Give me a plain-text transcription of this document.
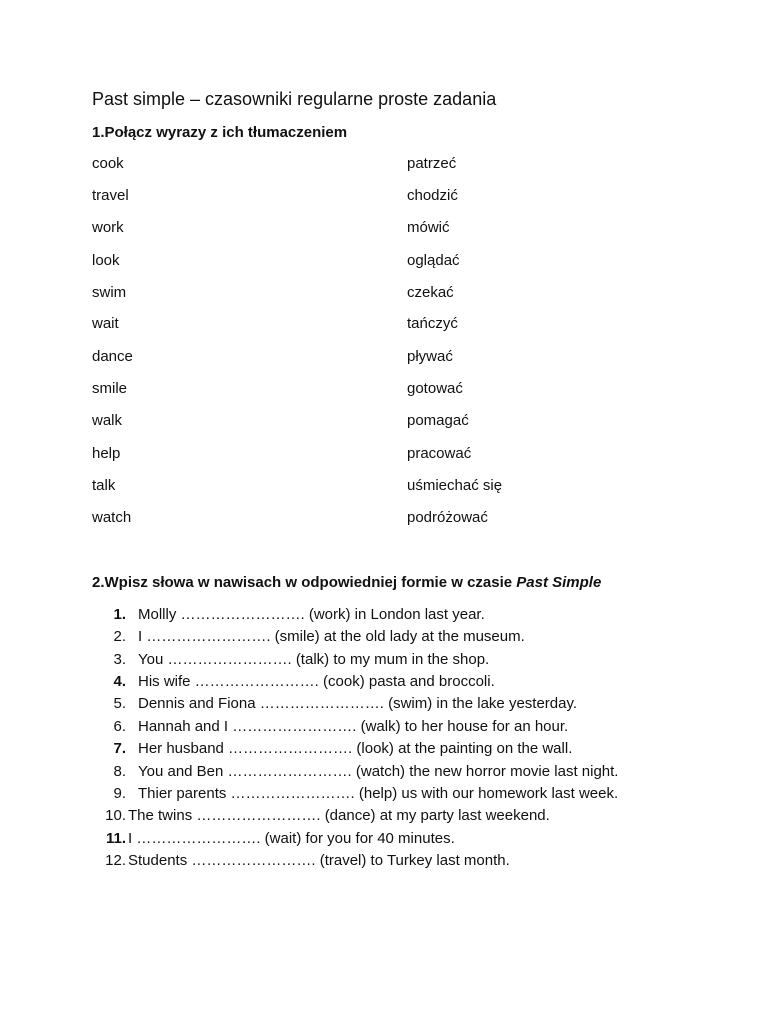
Past simple – czasowniki regularne proste zadania
1.Połącz wyrazy z ich tłumaczeniem
cook	patrzeć
travel	chodzić
work	mówić
look	oglądać
swim	czekać
wait	tańczyć
dance	pływać
smile	gotować
walk	pomagać
help	pracować
talk	uśmiechać się
watch	podróżować
2.Wpisz słowa w nawisach w odpowiedniej formie w czasie Past Simple
1. Mollly ……………………. (work) in London last year.
2. I ……………………. (smile) at the old lady at the museum.
3. You ……………………. (talk) to my mum in the shop.
4. His wife ……………………. (cook) pasta and broccoli.
5. Dennis and Fiona ……………………. (swim) in the lake yesterday.
6. Hannah and I ……………………. (walk) to her house for an hour.
7. Her husband ……………………. (look) at the painting on the wall.
8. You and Ben ……………………. (watch) the new horror movie last night.
9. Thier parents ……………………. (help) us with our homework last week.
10. The twins ……………………. (dance) at my party last weekend.
11. I ……………………. (wait) for you for 40 minutes.
12. Students ……………………. (travel) to Turkey last month.
